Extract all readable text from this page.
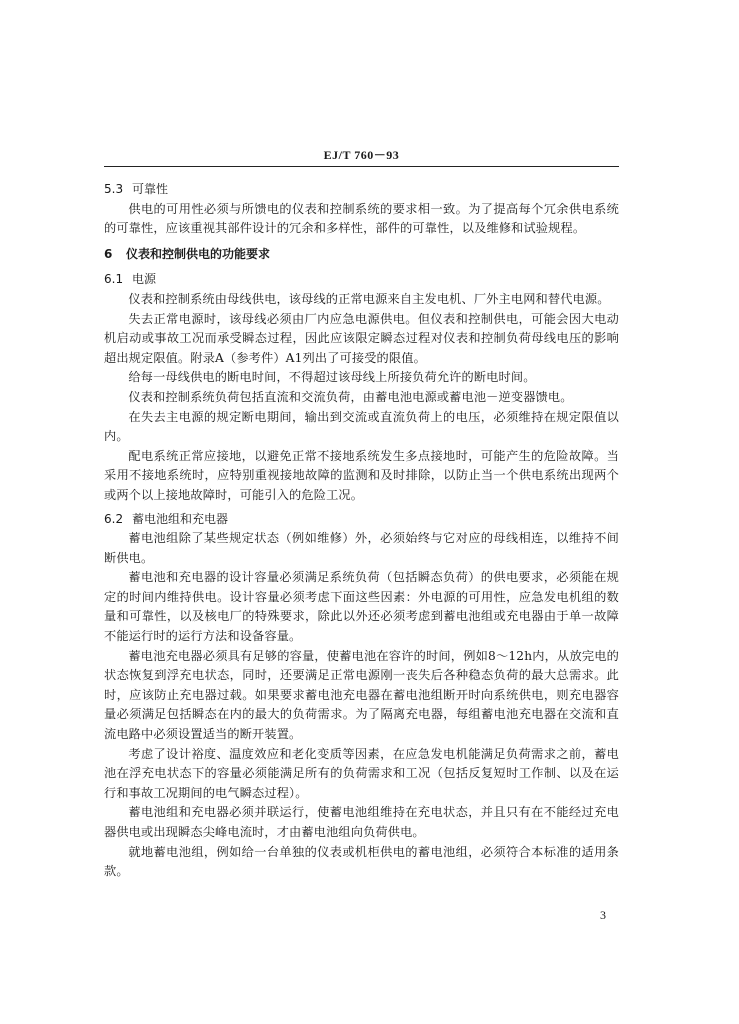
EJ/T 760－93
5.3 可靠性

供电的可用性必须与所馈电的仪表和控制系统的要求相一致。为了提高每个冗余供电系统的可靠性，应该重视其部件设计的冗余和多样性，部件的可靠性，以及维修和试验规程。

6 仪表和控制供电的功能要求
6.1 电源

仪表和控制系统由母线供电，该母线的正常电源来自主发电机、厂外主电网和替代电源。

失去正常电源时，该母线必须由厂内应急电源供电。但仪表和控制供电，可能会因大电动机启动或事故工况而承受瞬态过程，因此应该限定瞬态过程对仪表和控制负荷母线电压的影响超出规定限值。附录A（参考件）A1列出了可接受的限值。

给每一母线供电的断电时间，不得超过该母线上所接负荷允许的断电时间。

仪表和控制系统负荷包括直流和交流负荷，由蓄电池电源或蓄电池－逆变器馈电。

在失去主电源的规定断电期间，输出到交流或直流负荷上的电压，必须维持在规定限值以内。

配电系统正常应接地，以避免正常不接地系统发生多点接地时，可能产生的危险故障。当采用不接地系统时，应特别重视接地故障的监测和及时排除，以防止当一个供电系统出现两个或两个以上接地故障时，可能引入的危险工况。

6.2 蓄电池组和充电器

蓄电池组除了某些规定状态（例如维修）外，必须始终与它对应的母线相连，以维持不间断供电。

蓄电池和充电器的设计容量必须满足系统负荷（包括瞬态负荷）的供电要求，必须能在规定的时间内维持供电。设计容量必须考虑下面这些因素：外电源的可用性，应急发电机组的数量和可靠性，以及核电厂的特殊要求，除此以外还必须考虑到蓄电池组或充电器由于单一故障不能运行时的运行方法和设备容量。

蓄电池充电器必须具有足够的容量，使蓄电池在容许的时间，例如8～12h内，从放完电的状态恢复到浮充电状态，同时，还要满足正常电源刚一丧失后各种稳态负荷的最大总需求。此时，应该防止充电器过载。如果要求蓄电池充电器在蓄电池组断开时向系统供电，则充电器容量必须满足包括瞬态在内的最大的负荷需求。为了隔离充电器，每组蓄电池充电器在交流和直流电路中必须设置适当的断开装置。

考虑了设计裕度、温度效应和老化变质等因素，在应急发电机能满足负荷需求之前，蓄电池在浮充电状态下的容量必须能满足所有的负荷需求和工况（包括反复短时工作制、以及在运行和事故工况期间的电气瞬态过程）。

蓄电池组和充电器必须并联运行，使蓄电池组维持在充电状态，并且只有在不能经过充电器供电或出现瞬态尖峰电流时，才由蓄电池组向负荷供电。

就地蓄电池组，例如给一台单独的仪表或机柜供电的蓄电池组，必须符合本标准的适用条款。

3
